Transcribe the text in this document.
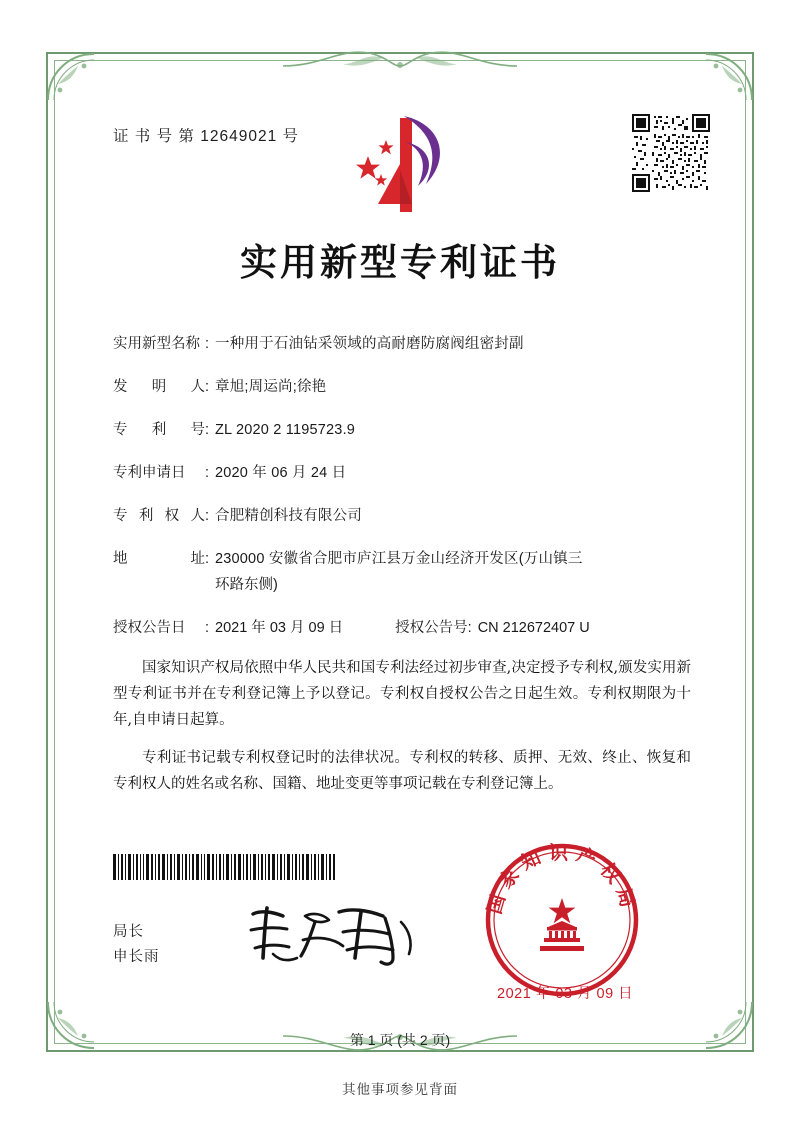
证 书 号 第 12649021 号
实用新型专利证书
实用新型名称 : 一种用于石油钻采领域的高耐磨防腐阀组密封副
发明人 : 章旭;周运尚;徐艳
专利号 : ZL 2020 2 1195723.9
专利申请日	: 2020 年 06 月 24 日
专利权人 : 合肥精创科技有限公司
地址 : 230000 安徽省合肥市庐江县万金山经济开发区(万山镇三
环路东侧)
授权公告日	: 2021 年 03 月 09 日	授权公告号: CN 212672407 U

国家知识产权局依照中华人民共和国专利法经过初步审查,决定授予专利权,颁发实用新型专利证书并在专利登记簿上予以登记。专利权自授权公告之日起生效。专利权期限为十年,自申请日起算。

专利证书记载专利权登记时的法律状况。专利权的转移、质押、无效、终止、恢复和专利权人的姓名或名称、国籍、地址变更等事项记载在专利登记簿上。

局长
申长雨
国家知识产权局
2021 年 03 月 09 日
第 1 页 (共 2 页)
其他事项参见背面
